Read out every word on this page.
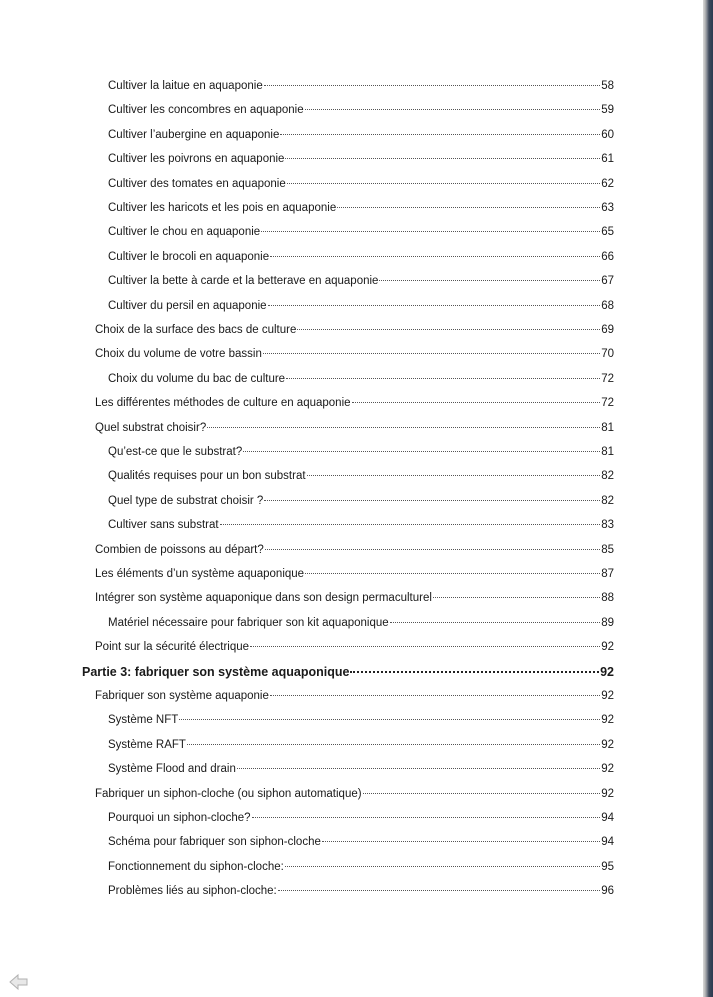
Cultiver la laitue en aquaponie	58
Cultiver les concombres en aquaponie	59
Cultiver l’aubergine en aquaponie	60
Cultiver les poivrons en aquaponie	61
Cultiver des tomates en aquaponie	62
Cultiver les haricots et les pois en aquaponie	63
Cultiver le chou en aquaponie	65
Cultiver le brocoli en aquaponie	66
Cultiver la bette à carde et la betterave en aquaponie	67
Cultiver du persil en aquaponie	68
Choix de la surface des bacs de culture	69
Choix du volume de votre bassin	70
Choix du volume du bac de culture	72
Les différentes méthodes de culture en aquaponie	72
Quel substrat choisir?	81
Qu’est-ce que le substrat?	81
Qualités requises pour un bon substrat	82
Quel type de substrat choisir ?	82
Cultiver sans substrat	83
Combien de poissons au départ?	85
Les éléments d’un système aquaponique	87
Intégrer son système aquaponique dans son design permaculturel	88
Matériel nécessaire pour fabriquer son kit aquaponique	89
Point sur la sécurité électrique	92
Partie 3: fabriquer son système aquaponique	92
Fabriquer son système aquaponie	92
Système NFT	92
Système RAFT	92
Système Flood and drain	92
Fabriquer un siphon-cloche (ou siphon automatique)	92
Pourquoi un siphon-cloche?	94
Schéma pour fabriquer son siphon-cloche	94
Fonctionnement du siphon-cloche:	95
Problèmes liés au siphon-cloche:	96
